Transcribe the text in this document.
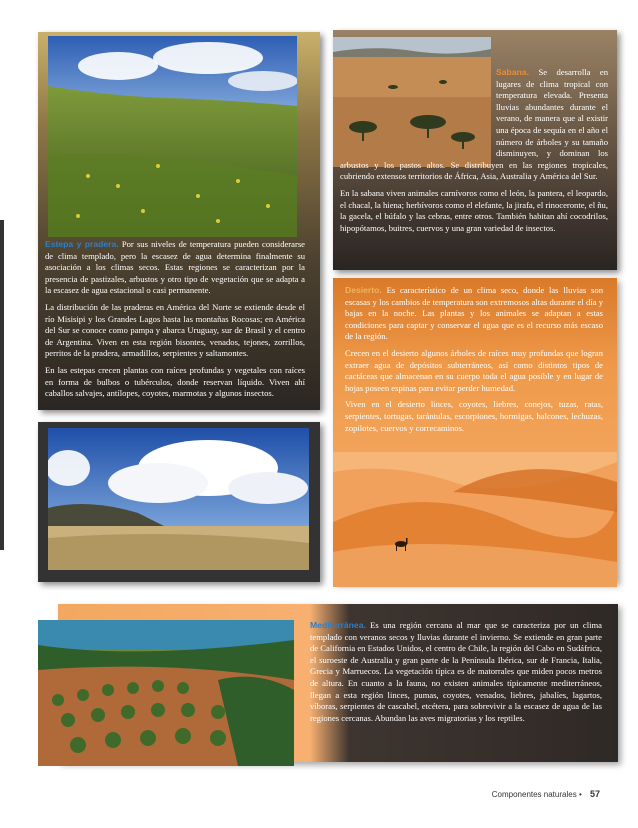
Estepa y pradera. Por sus niveles de temperatura pueden considerarse de clima templado, pero la escasez de agua determina finalmente su asociación a los climas secos. Estas regiones se caracterizan por la presencia de pastizales, arbustos y otro tipo de vegetación que se adapta a la escasez de agua estacional o casi permanente.

La distribución de las praderas en América del Norte se extiende desde el río Misisipi y los Grandes Lagos hasta las montañas Rocosas; en América del Sur se conoce como pampa y abarca Uruguay, sur de Brasil y el centro de Argentina. Viven en esta región bisontes, venados, tejones, zorrillos, perritos de la pradera, armadillos, serpientes y saltamontes.

En las estepas crecen plantas con raíces profundas y vegetales con raíces en forma de bulbos o tubérculos, donde reservan líquido. Viven ahí caballos salvajes, antílopes, coyotes, marmotas y algunos insectos.

Sabana. Se desarrolla en lugares de clima tropical con temperatura elevada. Presenta lluvias abundantes durante el verano, de manera que al existir una época de sequía en el año el número de árboles y su tamaño disminuyen, y dominan los arbustos y los pastos altos. Se distribuyen en las regiones tropicales, cubriendo extensos territorios de África, Asia, Australia y América del Sur.

En la sabana viven animales carnívoros como el león, la pantera, el leopardo, el chacal, la hiena; herbívoros como el elefante, la jirafa, el rinoceronte, el ñu, la gacela, el búfalo y las cebras, entre otros. También habitan ahí cocodrilos, hipopótamos, buitres, cuervos y una gran variedad de insectos.

Desierto. Es característico de un clima seco, donde las lluvias son escasas y los cambios de temperatura son extremosos altas durante el día y bajas en la noche. Las plantas y los animales se adaptan a estas condiciones para captar y conservar el agua que es el recurso más escaso de la región.

Crecen en el desierto algunos árboles de raíces muy profundas que logran extraer agua de depósitos subterráneos, así como distintos tipos de cactáceas que almacenan en su cuerpo toda el agua posible y en lugar de hojas poseen espinas para evitar perder humedad.

Viven en el desierto linces, coyotes, liebres, conejos, tuzas, ratas, serpientes, tortugas, tarántulas, escorpiones, hormigas, halcones, lechuzas, zopilotes, cuervos y correcaminos.

Mediterránea. Es una región cercana al mar que se caracteriza por un clima templado con veranos secos y lluvias durante el invierno. Se extiende en gran parte de California en Estados Unidos, el centro de Chile, la región del Cabo en Sudáfrica, el suroeste de Australia y gran parte de la Península Ibérica, sur de Francia, Italia, Grecia y Marruecos. La vegetación típica es de matorrales que miden pocos metros de altura. En cuanto a la fauna, no existen animales típicamente mediterráneos, llegan a esta región linces, pumas, coyotes, venados, liebres, jabalíes, lagartos, víboras, serpientes de cascabel, etcétera, para sobrevivir a la escasez de agua de las regiones cercanas. Abundan las aves migratorias y los reptiles.

Componentes naturales • 57
